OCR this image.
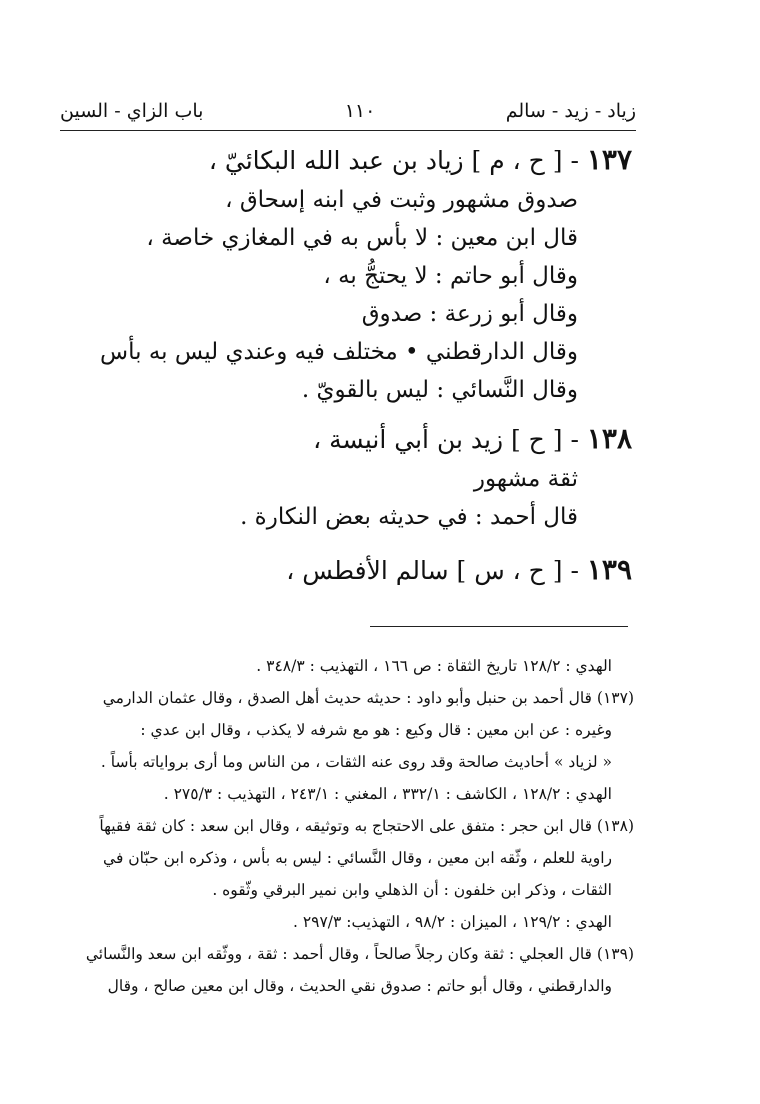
زياد - زيد - سالم
١١٠
باب الزاي - السين
١٣٧ - [ ح ، م ] زياد بن عبد الله البكائيّ ،
صدوق مشهور وثبت في ابنه إسحاق ،
قال ابن معين : لا بأس به في المغازي خاصة ،
وقال أبو حاتم : لا يحتجُّ به ،
وقال أبو زرعة : صدوق
وقال الدارقطني • مختلف فيه وعندي ليس به بأس
وقال النَّسائي : ليس بالقويّ .
١٣٨ - [ ح ] زيد بن أبي أنيسة ،
ثقة مشهور
قال أحمد : في حديثه بعض النكارة .
١٣٩ - [ ح ، س ] سالم الأفطس ،
الهدي : ١٢٨/٢ تاريخ الثقاة : ص ١٦٦ ، التهذيب : ٣٤٨/٣ .
(١٣٧) قال أحمد بن حنبل وأبو داود : حديثه حديث أهل الصدق ، وقال عثمان الدارمي
وغيره : عن ابن معين : قال وكيع : هو مع شرفه لا يكذب ، وقال ابن عدي :
« لزياد » أحاديث صالحة وقد روى عنه الثقات ، من الناس وما أرى برواياته بأساً .
الهدي : ١٢٨/٢ ، الكاشف : ٣٣٢/١ ، المغني : ٢٤٣/١ ، التهذيب : ٢٧٥/٣ .
(١٣٨) قال ابن حجر : متفق على الاحتجاج به وتوثيقه ، وقال ابن سعد : كان ثقة فقيهاً
راوية للعلم ، وثّقه ابن معين ، وقال النَّسائي : ليس به بأس ، وذكره ابن حبّان في
الثقات ، وذكر ابن خلفون : أن الذهلي وابن نمير البرقي وثّقوه .
الهدي : ١٢٩/٢ ، الميزان : ٩٨/٢ ، التهذيب: ٢٩٧/٣ .
(١٣٩) قال العجلي : ثقة وكان رجلاً صالحاً ، وقال أحمد : ثقة ، ووثّقه ابن سعد والنَّسائي
والدارقطني ، وقال أبو حاتم : صدوق نقي الحديث ، وقال ابن معين صالح ، وقال
